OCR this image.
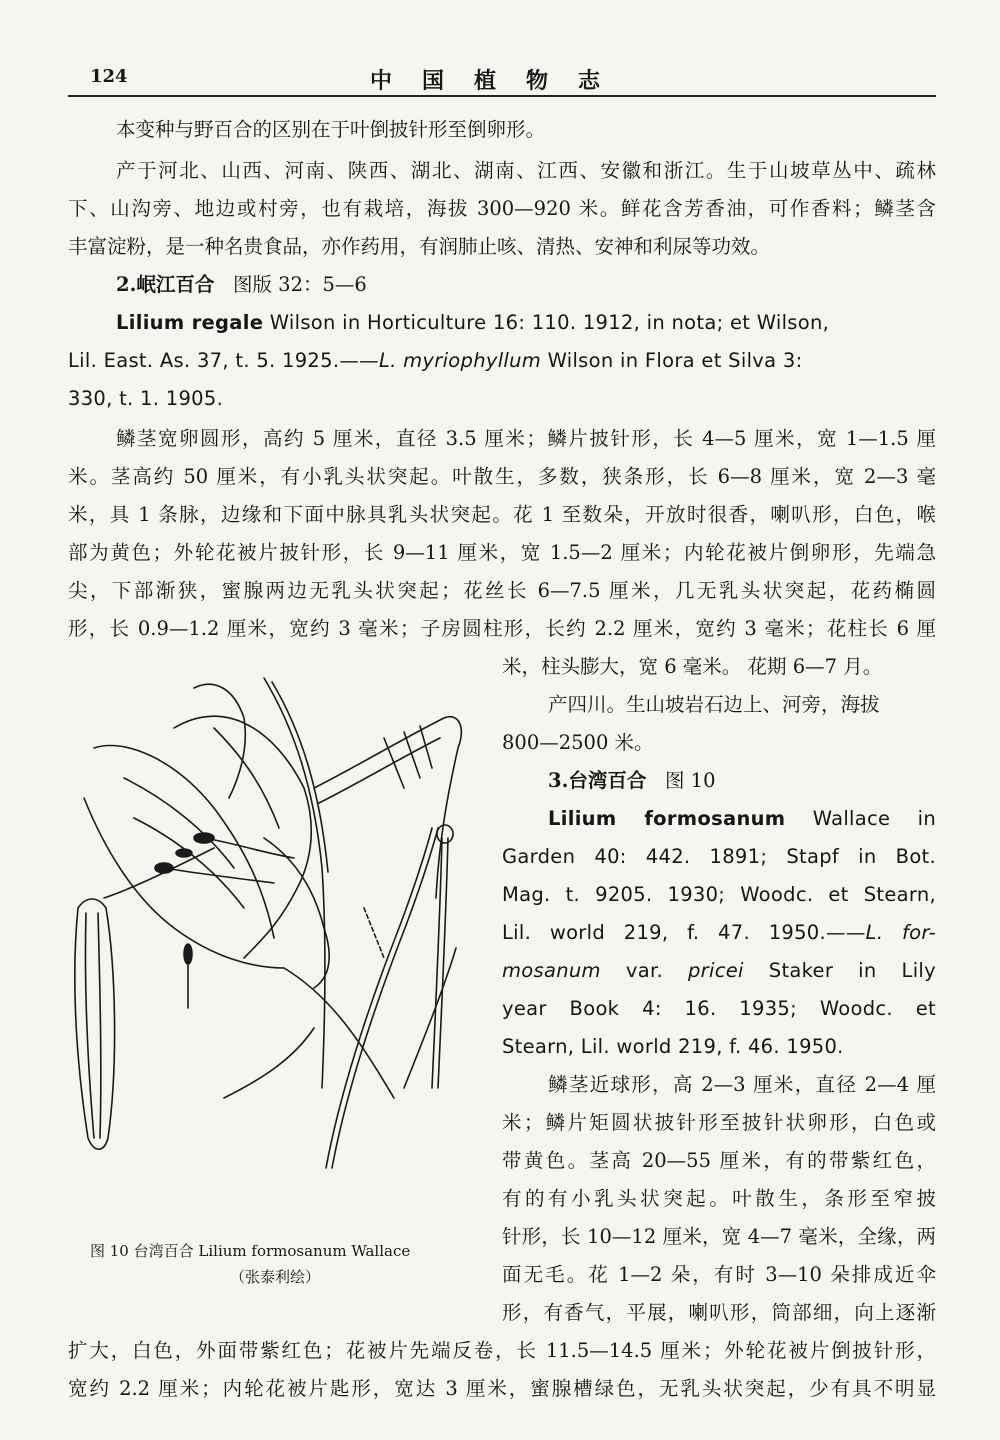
124	中国植物志
本变种与野百合的区别在于叶倒披针形至倒卵形。
产于河北、山西、河南、陕西、湖北、湖南、江西、安徽和浙江。生于山坡草丛中、疏林
下、山沟旁、地边或村旁，也有栽培，海拔 300—920 米。鲜花含芳香油，可作香料；鳞茎含
丰富淀粉，是一种名贵食品，亦作药用，有润肺止咳、清热、安神和利尿等功效。
2.岷江百合 图版 32：5—6
Lilium regale Wilson in Horticulture 16: 110. 1912, in nota; et Wilson,
Lil. East. As. 37, t. 5. 1925.——L. myriophyllum Wilson in Flora et Silva 3:
330, t. 1. 1905.
鳞茎宽卵圆形，高约 5 厘米，直径 3.5 厘米；鳞片披针形，长 4—5 厘米，宽 1—1.5 厘
米。茎高约 50 厘米，有小乳头状突起。叶散生，多数，狭条形，长 6—8 厘米，宽 2—3 毫
米，具 1 条脉，边缘和下面中脉具乳头状突起。花 1 至数朵，开放时很香，喇叭形，白色，喉
部为黄色；外轮花被片披针形，长 9—11 厘米，宽 1.5—2 厘米；内轮花被片倒卵形，先端急
尖，下部渐狭，蜜腺两边无乳头状突起；花丝长 6—7.5 厘米，几无乳头状突起，花药椭圆
形，长 0.9—1.2 厘米，宽约 3 毫米；子房圆柱形，长约 2.2 厘米，宽约 3 毫米；花柱长 6 厘
米，柱头膨大，宽 6 毫米。 花期 6—7 月。
产四川。生山坡岩石边上、河旁，海拔
800—2500 米。
3.台湾百合 图 10
Lilium formosanum Wallace in
Garden 40: 442. 1891; Stapf in Bot.
Mag. t. 9205. 1930; Woodc. et Stearn,
Lil. world 219, f. 47. 1950.——L. for-
mosanum var. pricei Staker in Lily
year Book 4: 16. 1935; Woodc. et
Stearn, Lil. world 219, f. 46. 1950.
鳞茎近球形，高 2—3 厘米，直径 2—4 厘
米；鳞片矩圆状披针形至披针状卵形，白色或
带黄色。茎高 20—55 厘米，有的带紫红色，
有的有小乳头状突起。叶散生，条形至窄披
针形，长 10—12 厘米，宽 4—7 毫米，全缘，两
面无毛。花 1—2 朵，有时 3—10 朵排成近伞
形，有香气，平展，喇叭形，筒部细，向上逐渐
扩大，白色，外面带紫红色；花被片先端反卷，长 11.5—14.5 厘米；外轮花被片倒披针形，
宽约 2.2 厘米；内轮花被片匙形，宽达 3 厘米，蜜腺槽绿色，无乳头状突起，少有具不明显
图 10 台湾百合 Lilium formosanum Wallace
（张泰利绘）
